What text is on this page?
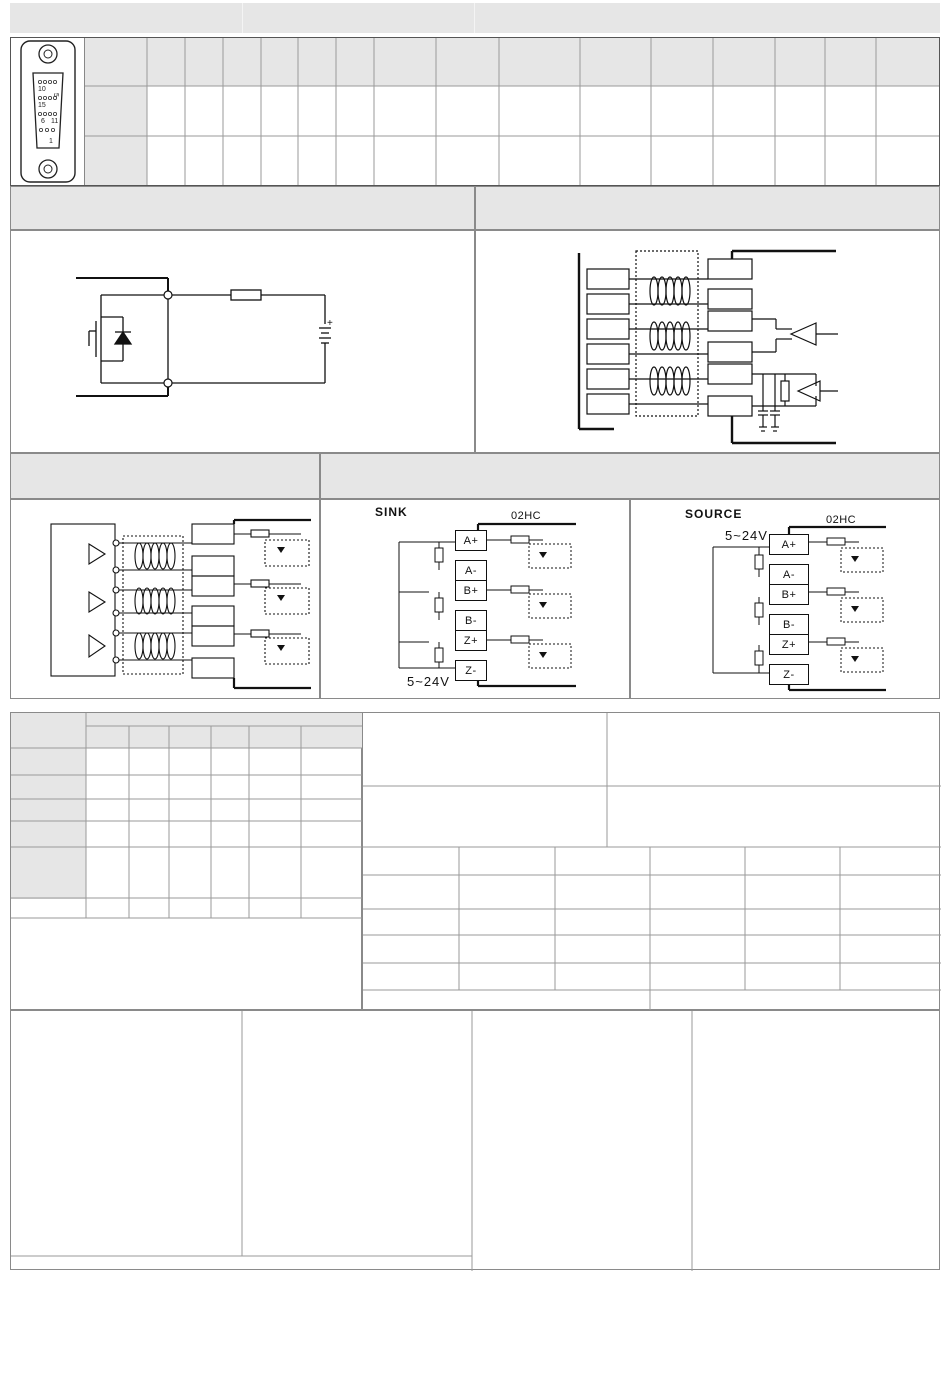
5
10
15
1
6 11
+
SINK	02HC
5~24V
A+
A-
B+
B-
Z+
Z-
SOURCE	02HC
5~24V
A+
A-
B+
B-
Z+
Z-
